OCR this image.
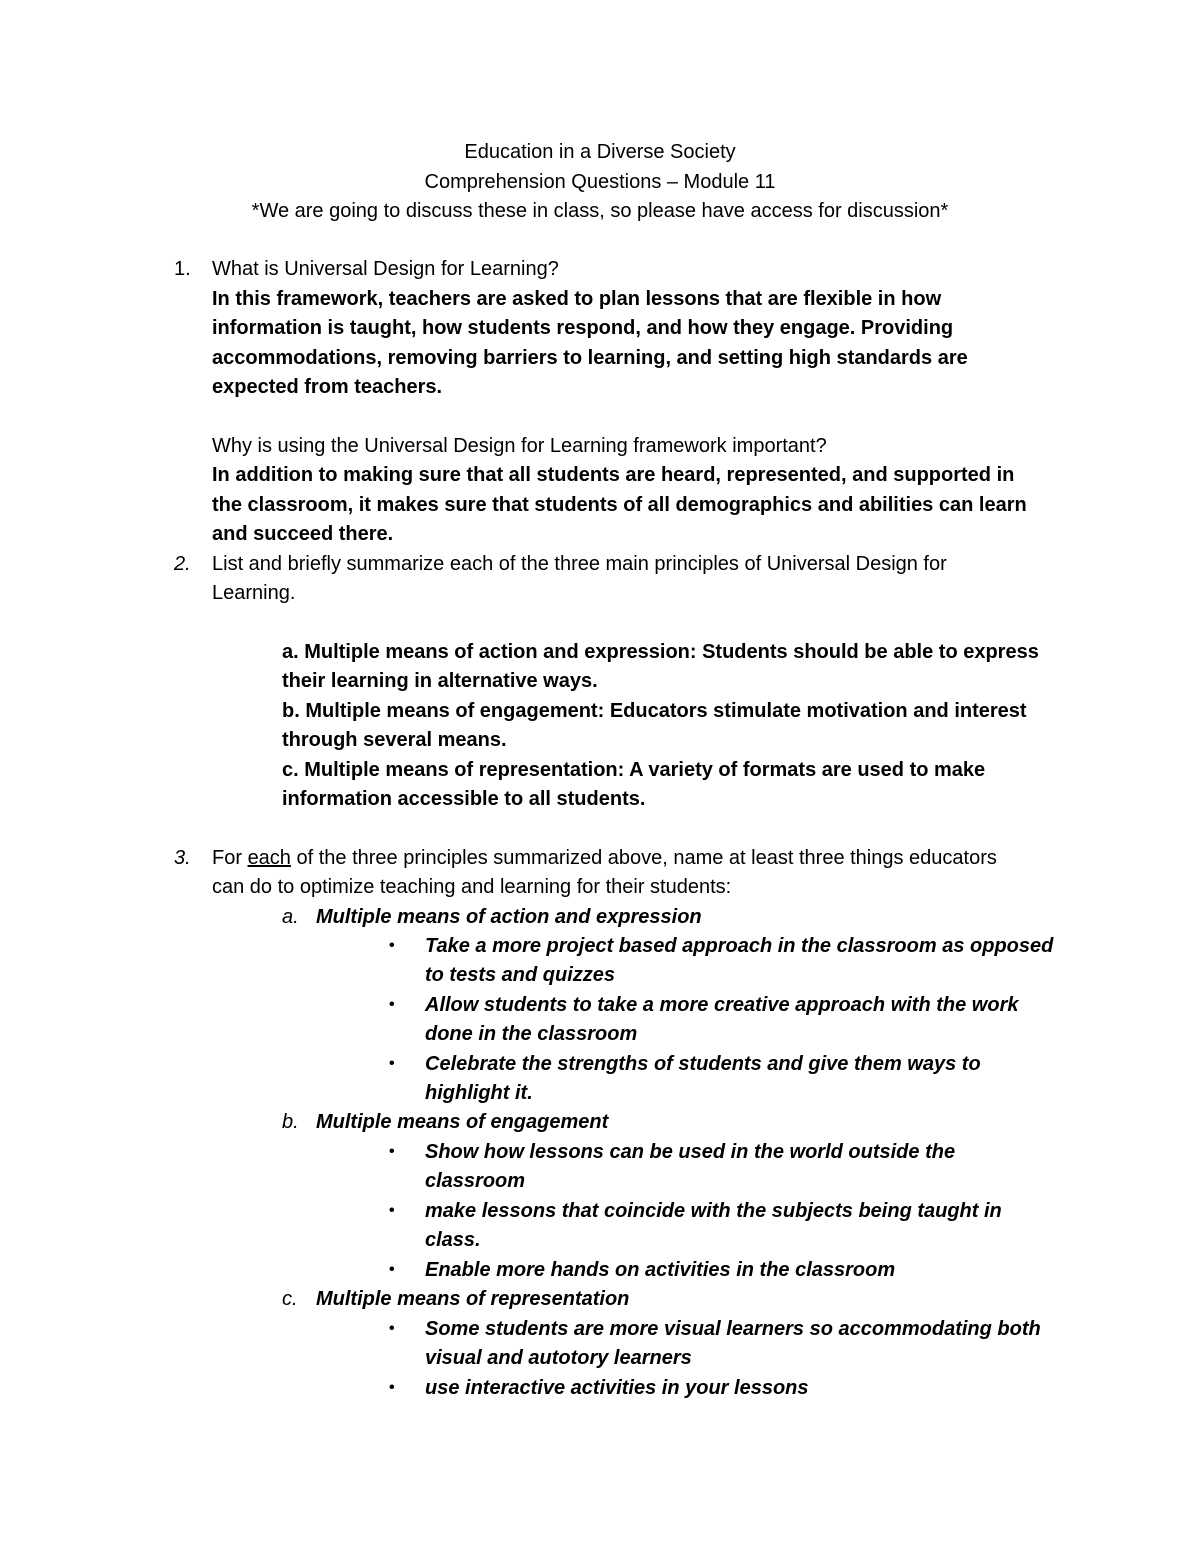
Education in a Diverse Society
Comprehension Questions – Module 11
*We are going to discuss these in class, so please have access for discussion*
1.	What is Universal Design for Learning?
In this framework, teachers are asked to plan lessons that are flexible in how
information is taught, how students respond, and how they engage. Providing
accommodations, removing barriers to learning, and setting high standards are
expected from teachers.
Why is using the Universal Design for Learning framework important?
In addition to making sure that all students are heard, represented, and supported in
the classroom, it makes sure that students of all demographics and abilities can learn
and succeed there.
2.	List and briefly summarize each of the three main principles of Universal Design for
Learning.
a. Multiple means of action and expression: Students should be able to express
their learning in alternative ways.
b. Multiple means of engagement: Educators stimulate motivation and interest
through several means.
c. Multiple means of representation: A variety of formats are used to make
information accessible to all students.
3.	For each of the three principles summarized above, name at least three things educators
can do to optimize teaching and learning for their students:
a. Multiple means of action and expression
• Take a more project based approach in the classroom as opposed
to tests and quizzes
• Allow students to take a more creative approach with the work
done in the classroom
• Celebrate the strengths of students and give them ways to
highlight it.
b. Multiple means of engagement
• Show how lessons can be used in the world outside the
classroom
• make lessons that coincide with the subjects being taught in
class.
• Enable more hands on activities in the classroom
c. Multiple means of representation
• Some students are more visual learners so accommodating both
visual and autotory learners
• use interactive activities in your lessons
